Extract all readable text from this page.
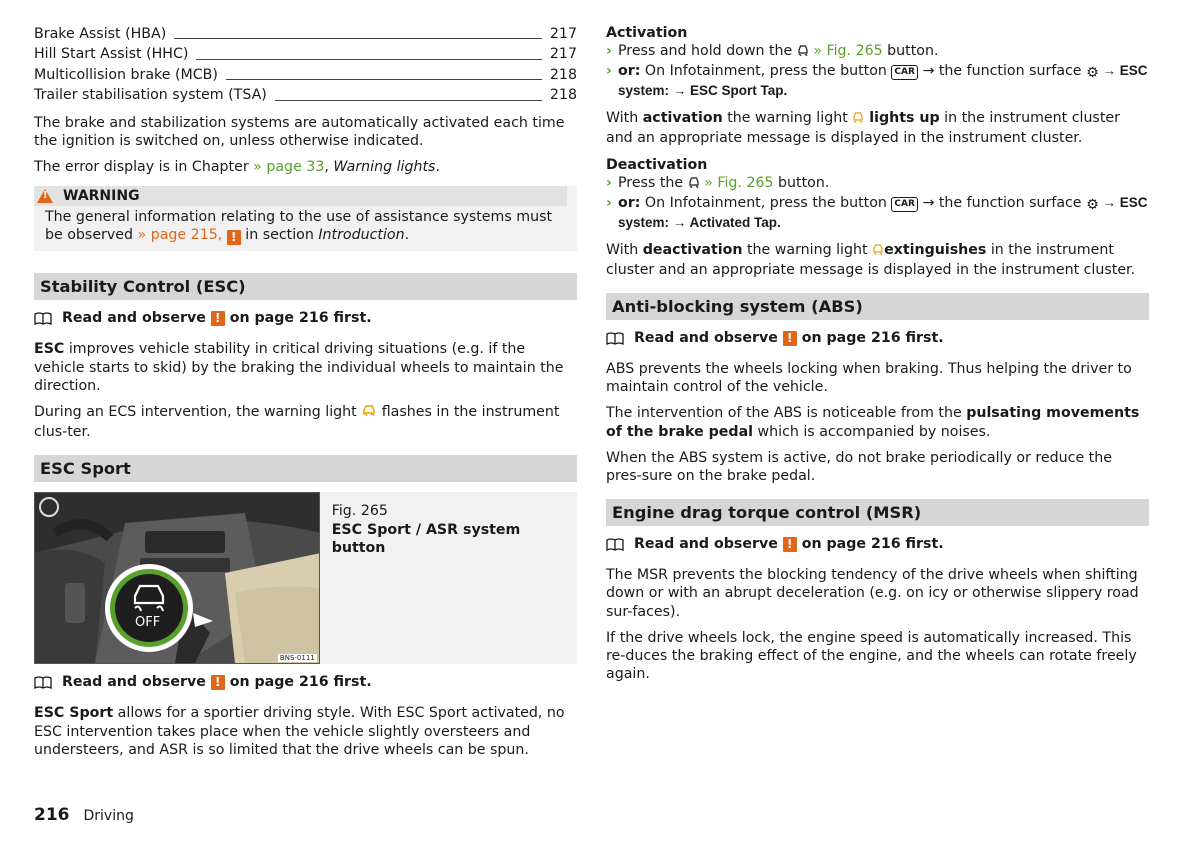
Brake Assist (HBA)	217
Hill Start Assist (HHC)	217
Multicollision brake (MCB)	218
Trailer stabilisation system (TSA)	218

The brake and stabilization systems are automatically activated each time the ignition is switched on, unless otherwise indicated.

The error display is in Chapter » page 33, Warning lights.

! WARNING
The general information relating to the use of assistance systems must be observed » page 215, ! in section Introduction.
Stability Control (ESC)
Read and observe
!
on page 216 first.

ESC improves vehicle stability in critical driving situations (e.g. if the vehicle starts to skid) by the braking the individual wheels to maintain the direction.

During an ECS intervention, the warning light  flashes in the instrument clus-ter.

ESC Sport
OFF
BNS-0111
Fig. 265
ESC Sport / ASR system button
Read and observe
!
on page 216 first.

ESC Sport allows for a sportier driving style. With ESC Sport activated, no ESC intervention takes place when the vehicle slightly oversteers and understeers, and ASR is so limited that the drive wheels can be spun.

Activation
› Press and hold down the  » Fig. 265 button.
› or: On Infotainment, press the button CAR → the function surface ⚙ → ESC
system: → ESC Sport Tap.

With activation the warning light  lights up in the instrument cluster and an appropriate message is displayed in the instrument cluster.

Deactivation
› Press the  » Fig. 265 button.
› or: On Infotainment, press the button CAR → the function surface ⚙ → ESC
system: → Activated Tap.

With deactivation the warning light extinguishes in the instrument cluster and an appropriate message is displayed in the instrument cluster.

Anti-blocking system (ABS)
Read and observe
!
on page 216 first.

ABS prevents the wheels locking when braking. Thus helping the driver to maintain control of the vehicle.

The intervention of the ABS is noticeable from the pulsating movements of the brake pedal which is accompanied by noises.

When the ABS system is active, do not brake periodically or reduce the pres-sure on the brake pedal.

Engine drag torque control (MSR)
Read and observe
!
on page 216 first.

The MSR prevents the blocking tendency of the drive wheels when shifting down or with an abrupt deceleration (e.g. on icy or otherwise slippery road sur-faces).

If the drive wheels lock, the engine speed is automatically increased. This re-duces the braking effect of the engine, and the wheels can rotate freely again.

216 Driving
